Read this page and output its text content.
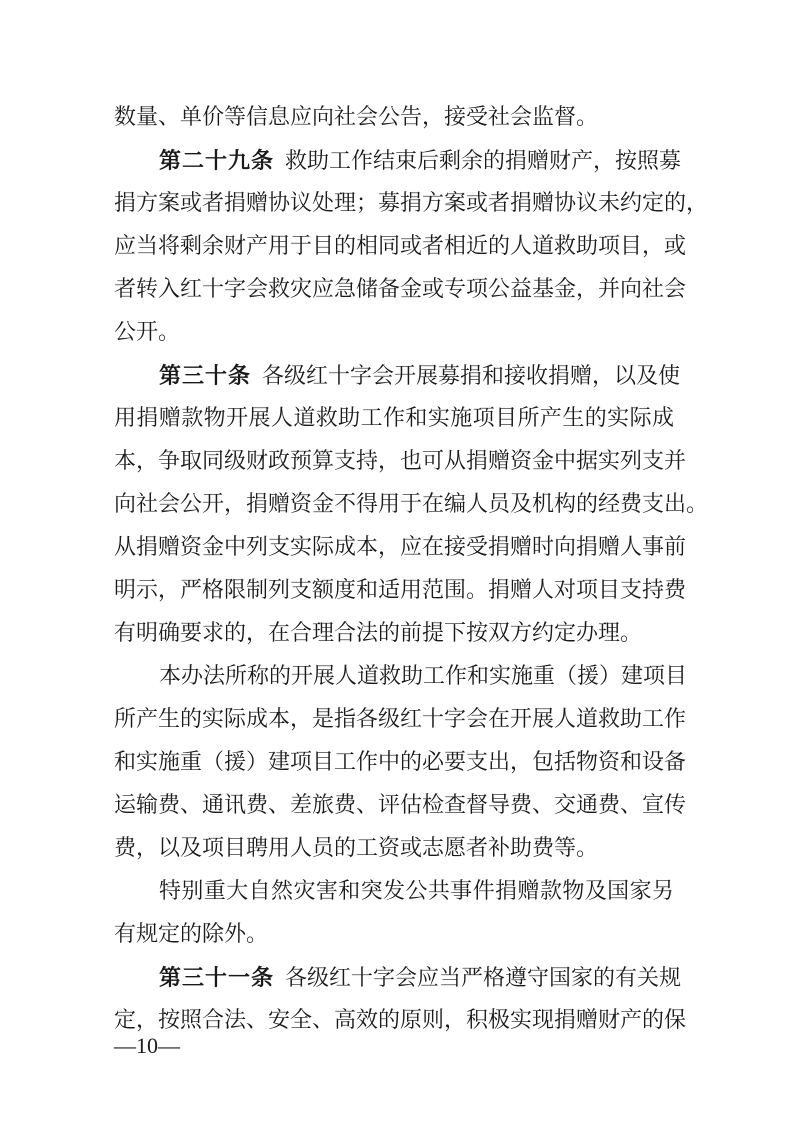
数量、单价等信息应向社会公告，接受社会监督。
第二十九条  救助工作结束后剩余的捐赠财产，按照募
捐方案或者捐赠协议处理；募捐方案或者捐赠协议未约定的，
应当将剩余财产用于目的相同或者相近的人道救助项目，或
者转入红十字会救灾应急储备金或专项公益基金，并向社会
公开。
第三十条  各级红十字会开展募捐和接收捐赠，以及使
用捐赠款物开展人道救助工作和实施项目所产生的实际成
本，争取同级财政预算支持，也可从捐赠资金中据实列支并
向社会公开，捐赠资金不得用于在编人员及机构的经费支出。
从捐赠资金中列支实际成本，应在接受捐赠时向捐赠人事前
明示，严格限制列支额度和适用范围。捐赠人对项目支持费
有明确要求的，在合理合法的前提下按双方约定办理。
本办法所称的开展人道救助工作和实施重（援）建项目
所产生的实际成本，是指各级红十字会在开展人道救助工作
和实施重（援）建项目工作中的必要支出，包括物资和设备
运输费、通讯费、差旅费、评估检查督导费、交通费、宣传
费，以及项目聘用人员的工资或志愿者补助费等。
特别重大自然灾害和突发公共事件捐赠款物及国家另
有规定的除外。
第三十一条  各级红十字会应当严格遵守国家的有关规
定，按照合法、安全、高效的原则，积极实现捐赠财产的保
—10—
